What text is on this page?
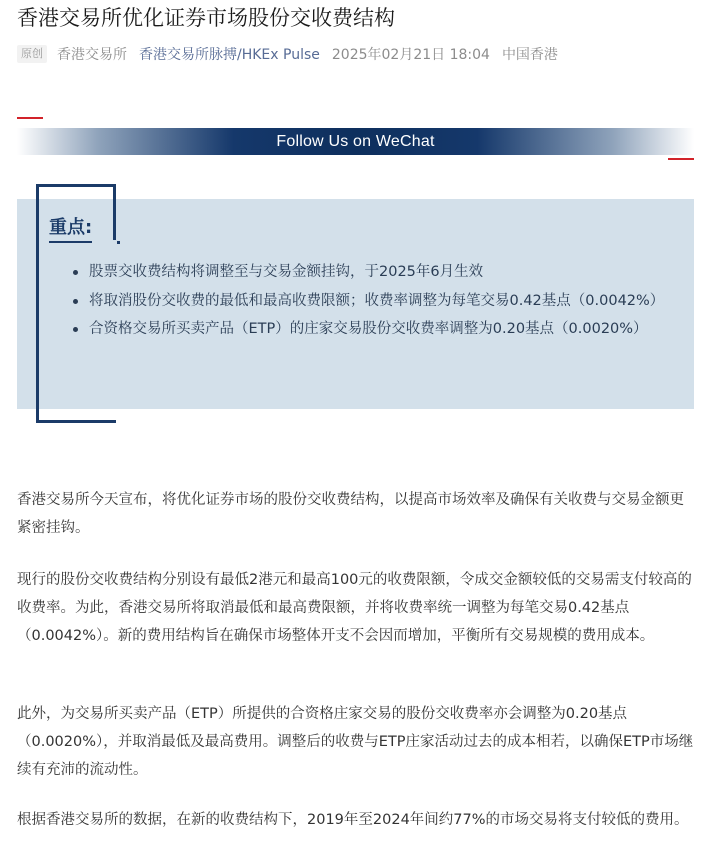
香港交易所优化证券市场股份交收费结构
原创 香港交易所 香港交易所脉搏/HKEx Pulse 2025年02月21日 18:04 中国香港
Follow Us on WeChat
重点:
股票交收费结构将调整至与交易金额挂钩，于2025年6月生效
将取消股份交收费的最低和最高收费限额；收费率调整为每笔交易0.42基点（0.0042%）
合资格交易所买卖产品（ETP）的庄家交易股份交收费率调整为0.20基点（0.0020%）

香港交易所今天宣布，将优化证券市场的股份交收费结构，以提高市场效率及确保有关收费与交易金额更紧密挂钩。

现行的股份交收费结构分别设有最低2港元和最高100元的收费限额，令成交金额较低的交易需支付较高的收费率。为此，香港交易所将取消最低和最高费限额，并将收费率统一调整为每笔交易0.42基点（0.0042%）。新的费用结构旨在确保市场整体开支不会因而增加，平衡所有交易规模的费用成本。

此外，为交易所买卖产品（ETP）所提供的合资格庄家交易的股份交收费率亦会调整为0.20基点（0.0020%），并取消最低及最高费用。调整后的收费与ETP庄家活动过去的成本相若，以确保ETP市场继续有充沛的流动性。

根据香港交易所的数据，在新的收费结构下，2019年至2024年间约77%的市场交易将支付较低的费用。
